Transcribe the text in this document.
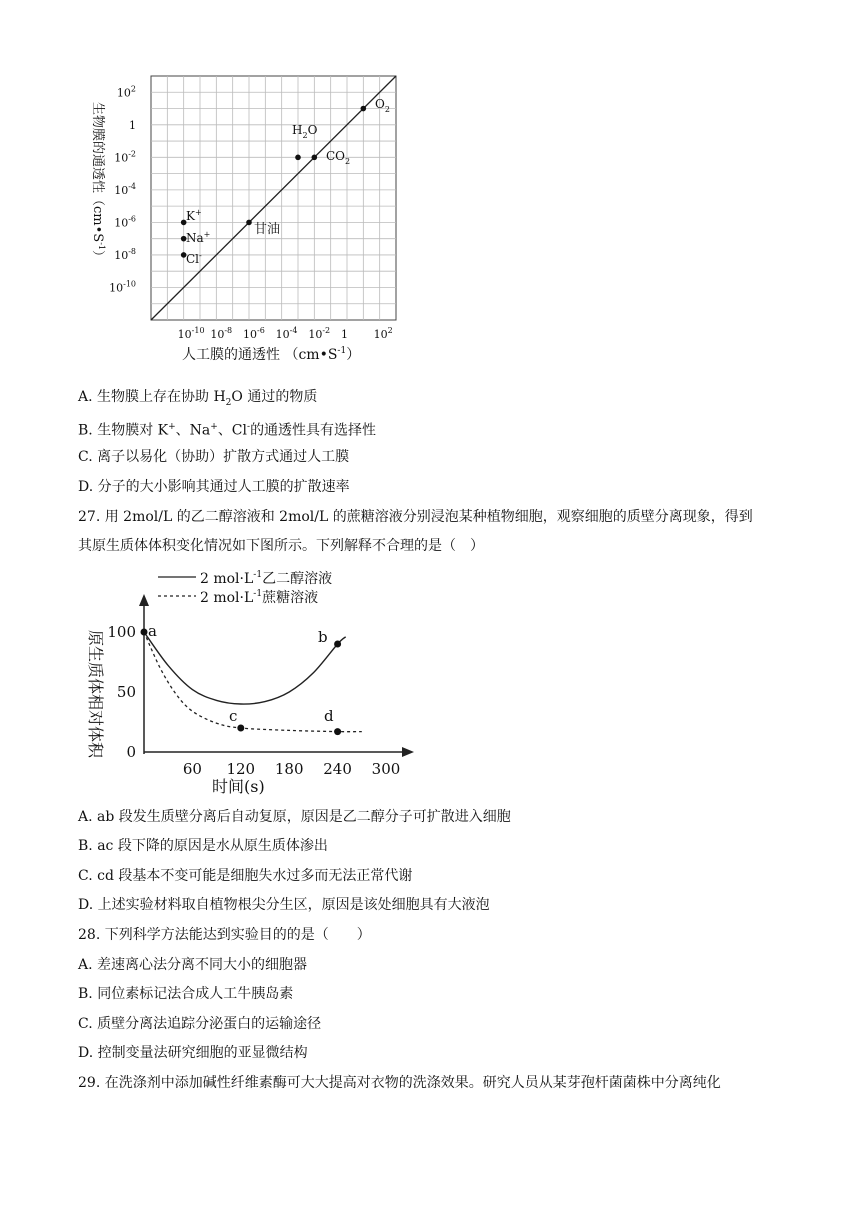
$10^2$
1
$10^{-2}$
$10^{-4}$
$10^{-6}$
$10^{-8}$
$10^{-10}$
$10^{-10}$ $10^{-8}$ $10^{-6}$ $10^{-4}$ $10^{-2}$ 1 $10^2$
K+
Na+
Cl-
甘油
$H_2O$
$CO_2$
$O_2$
人工膜的通透性 $(cm•S^{-1})$
生物膜的通透性$(cm•S^{-1})$
A. 生物膜上存在协助 $H_2O$ 通过的物质
B. 生物膜对 K+、Na+、Cl-的通透性具有选择性
C. 离子以易化（协助）扩散方式通过人工膜
D. 分子的大小影响其通过人工膜的扩散速率
27. 用 2mol/L 的乙二醇溶液和 2mol/L 的蔗糖溶液分别浸泡某种植物细胞，观察细胞的质壁分离现象，得到
其原生质体体积变化情况如下图所示。下列解释不合理的是（　）
2 $mol\cdot L^{-1}$乙二醇溶液
2 $mol\cdot L^{-1}$蔗糖溶液
60 120 180 240 300
0
50
100 a	b
c	d
原生质体相对体积
时间(s)
A. ab 段发生质壁分离后自动复原，原因是乙二醇分子可扩散进入细胞
B. ac 段下降的原因是水从原生质体渗出
C. cd 段基本不变可能是细胞失水过多而无法正常代谢
D. 上述实验材料取自植物根尖分生区，原因是该处细胞具有大液泡
28. 下列科学方法能达到实验目的的是（　　）
A. 差速离心法分离不同大小的细胞器
B. 同位素标记法合成人工牛胰岛素
C. 质壁分离法追踪分泌蛋白的运输途径
D. 控制变量法研究细胞的亚显微结构
29. 在洗涤剂中添加碱性纤维素酶可大大提高对衣物的洗涤效果。研究人员从某芽孢杆菌菌株中分离纯化
